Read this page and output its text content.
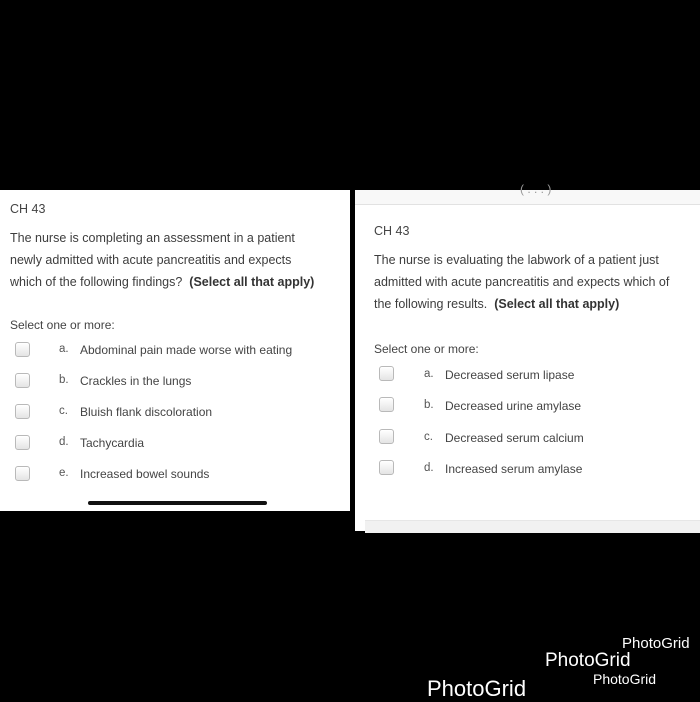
CH 43
The nurse is completing an assessment in a patient
newly admitted with acute pancreatitis and expects
which of the following findings? (Select all that apply)
Select one or more:
a. Abdominal pain made worse with eating
b. Crackles in the lungs
c. Bluish flank discoloration
d. Tachycardia
e. Increased bowel sounds
( . . . )
CH 43
The nurse is evaluating the labwork of a patient just
admitted with acute pancreatitis and expects which of
the following results. (Select all that apply)
Select one or more:
a. Decreased serum lipase
b. Decreased urine amylase
c. Decreased serum calcium
d. Increased serum amylase
PhotoGrid
PhotoGrid
PhotoGrid
PhotoGrid
